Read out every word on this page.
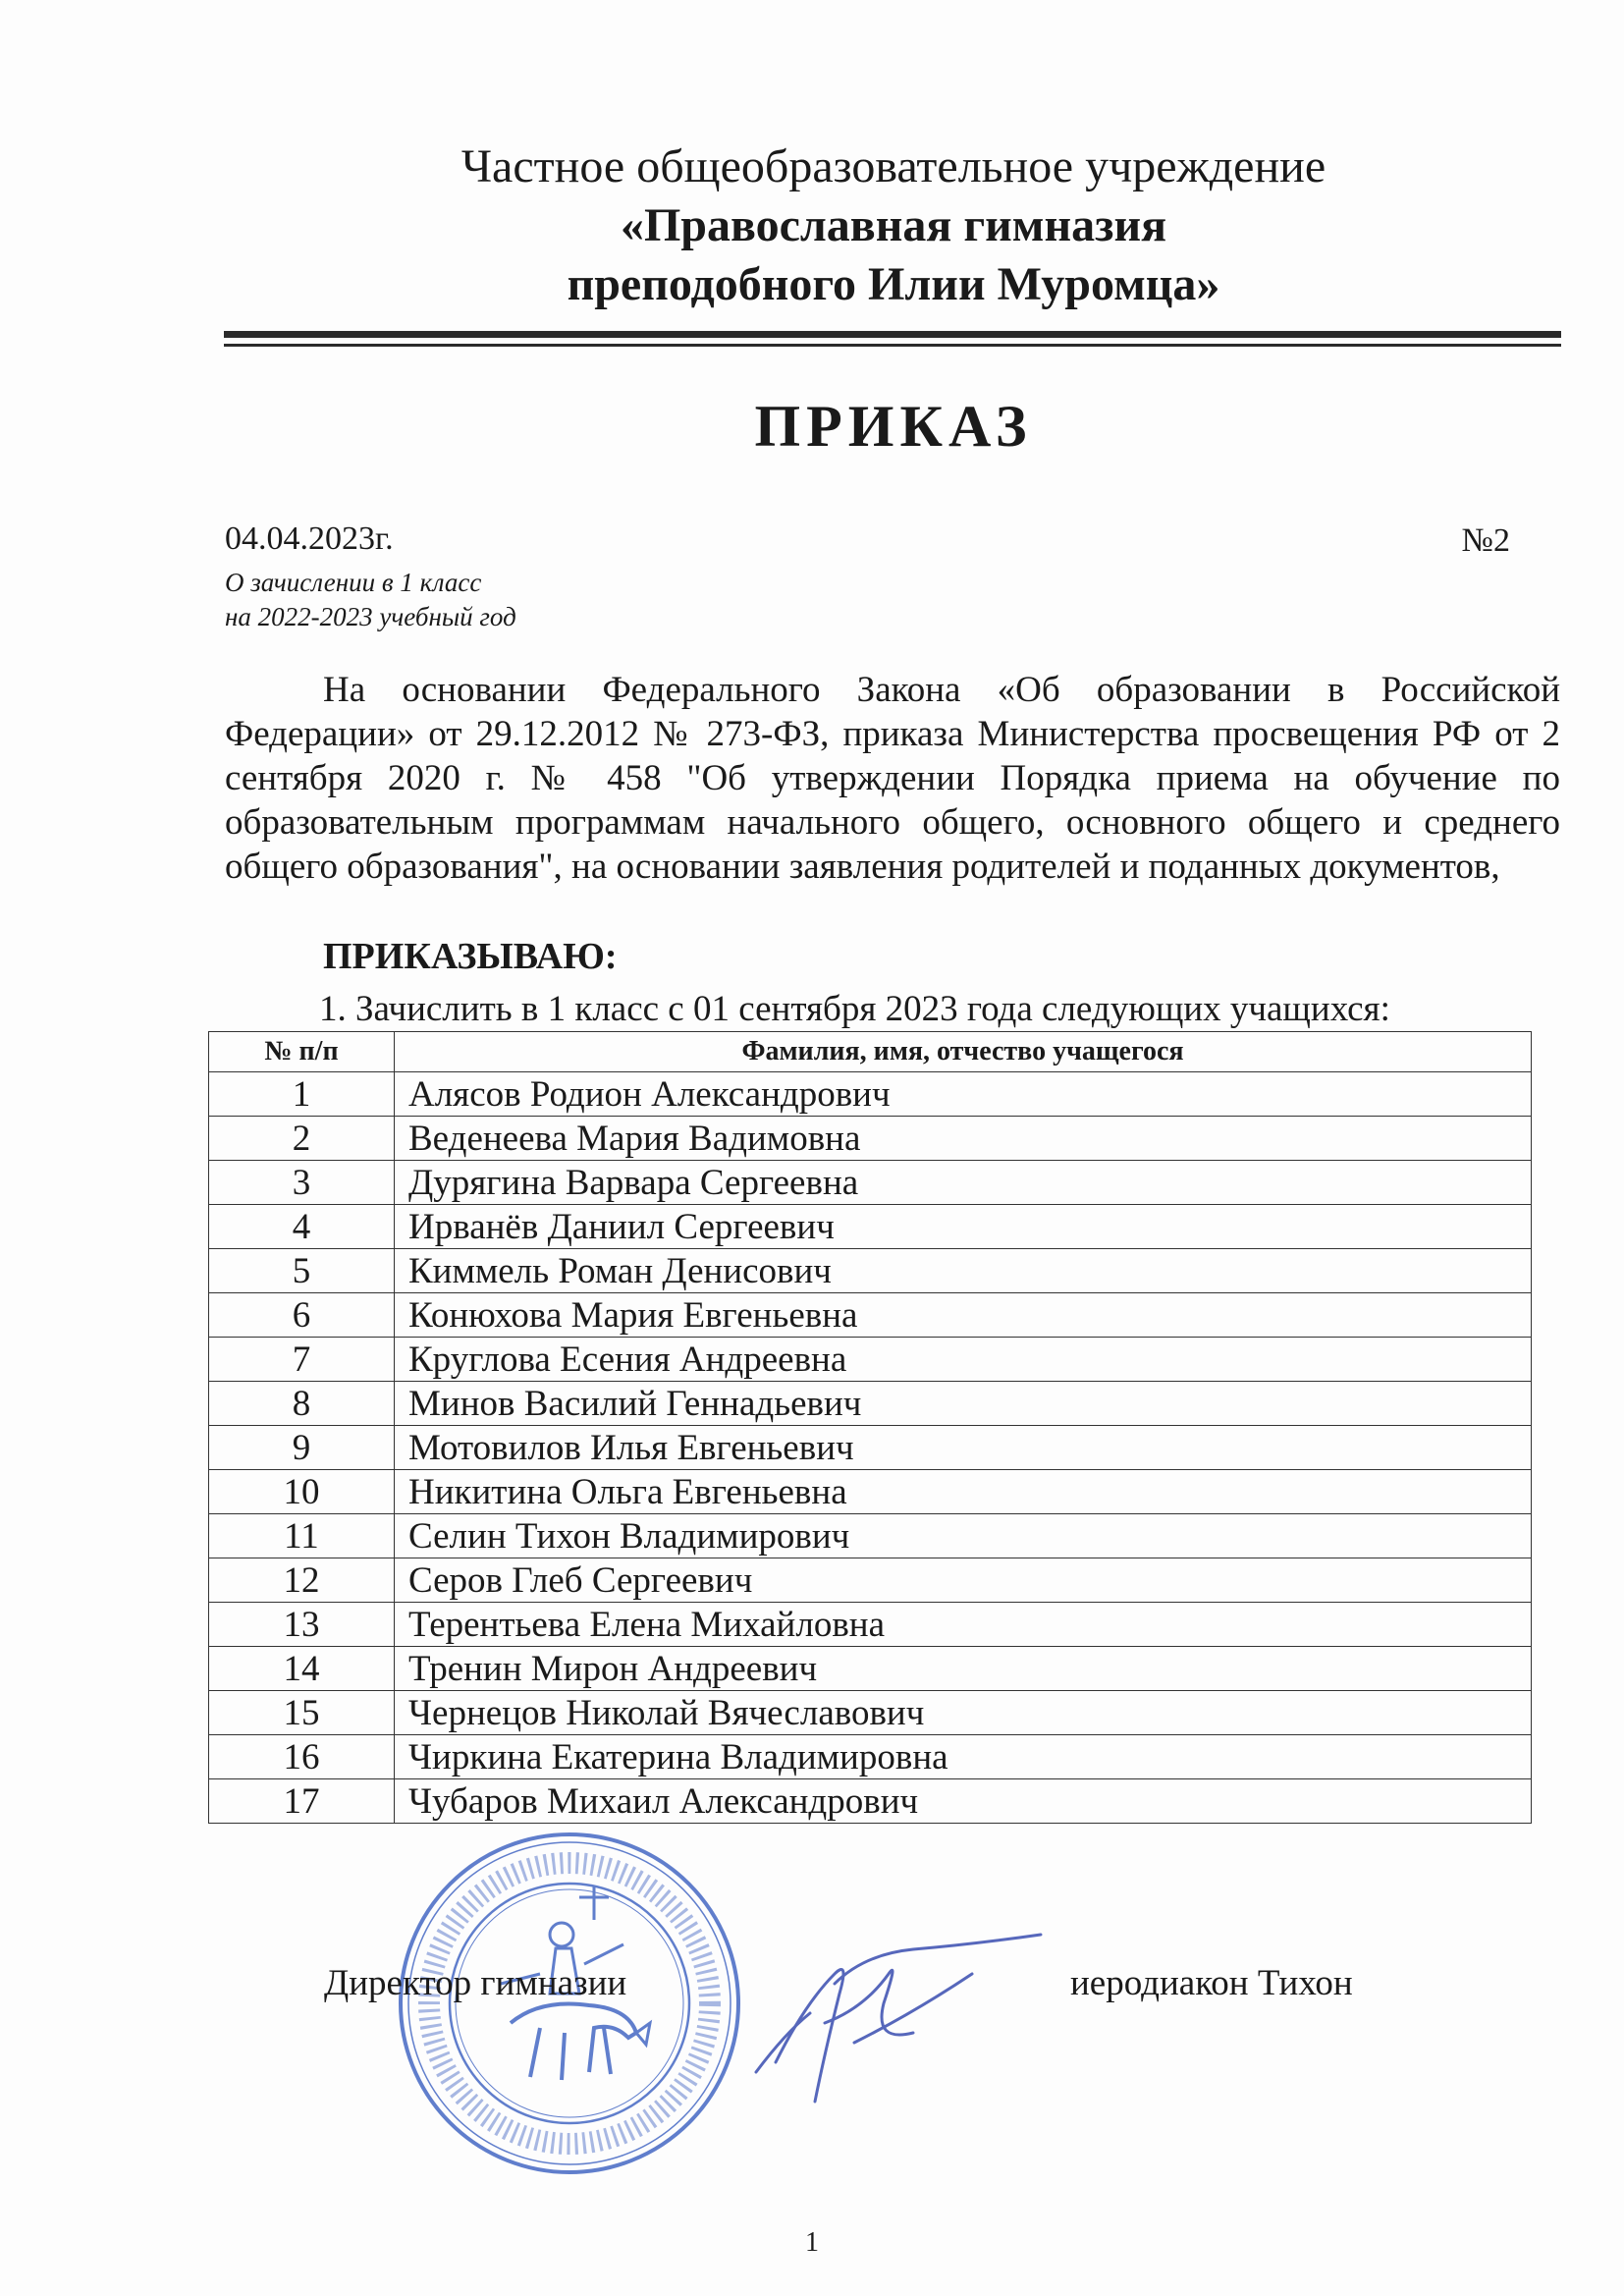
Частное общеобразовательное учреждение
«Православная гимназия
преподобного Илии Муромца»
ПРИКАЗ
04.04.2023г.	№2
О зачислении в 1 класс
на 2022-2023 учебный год
На основании Федерального Закона «Об образовании в Российской Федерации» от 29.12.2012 № 273-ФЗ, приказа Министерства просвещения РФ от 2 сентября 2020 г. № 458 "Об утверждении Порядка приема на обучение по образовательным программам начального общего, основного общего и среднего общего образования", на основании заявления родителей и поданных документов,
ПРИКАЗЫВАЮ:
1. Зачислить в 1 класс с 01 сентября 2023 года следующих учащихся:
№ п/п	Фамилия, имя, отчество учащегося
1	Алясов Родион Александрович
2	Веденеева Мария Вадимовна
3	Дурягина Варвара Сергеевна
4	Ирванёв Даниил Сергеевич
5	Киммель Роман Денисович
6	Конюхова Мария Евгеньевна
7	Круглова Есения Андреевна
8	Минов Василий Геннадьевич
9	Мотовилов Илья Евгеньевич
10	Никитина Ольга Евгеньевна
11	Селин Тихон Владимирович
12	Серов Глеб Сергеевич
13	Терентьева Елена Михайловна
14	Тренин Мирон Андреевич
15	Чернецов Николай Вячеславович
16	Чиркина Екатерина Владимировна
17	Чубаров Михаил Александрович
Директор гимназии	иеродиакон Тихон
1
